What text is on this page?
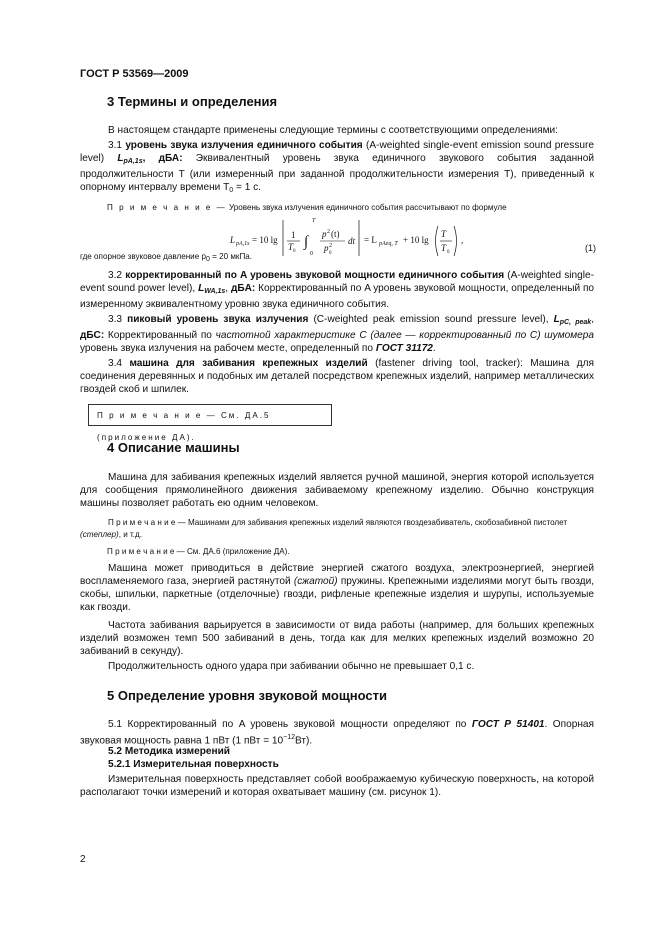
ГОСТ Р 53569—2009
3 Термины и определения

В настоящем стандарте применены следующие термины с соответствующими определениями:

3.1 уровень звука излучения единичного события (A-weighted single-event emission sound pressure level) $L_{pA,1s}$, дБА: Эквивалентный уровень звука единичного звукового события заданной продолжительности T (или измеренный при заданной продолжительности измерения T), приведенный к опорному интервалу времени $T_0 = 1$ с.

П р и м е ч а н и е — Уровень звука излучения единичного события рассчитывают по формуле

L pA,1s = 10 lg 1
T 0
∫
T
0
p 2 (t)
p 2
0
dt = L pAeq, T + 10 lg
T
T 0
,
(1)

где опорное звуковое давление p0 = 20 мкПа.

3.2 корректированный по A уровень звуковой мощности единичного события (A-weighted single-event sound power level), $L_{WA,1s}$, дБA: Корректированный по A уровень звуковой мощности, определенный по измеренному эквивалентному уровню звука единичного события.

3.3 пиковый уровень звука излучения (C-weighted peak emission sound pressure level), $L_{pC, peak}$, дБС: Корректированный по частотной характеристике С (далее — корректированный по С) шумомера уровень звука излучения на рабочем месте, определенный по ГОСТ 31172.

3.4 машина для забивания крепежных изделий (fastener driving tool, tracker): Машина для соединения деревянных и подобных им деталей посредством крепежных изделий, например металлических гвоздей скоб и шпилек.

П р и м е ч а н и е — См. ДА.5 (приложение ДА).
4 Описание машины

Машина для забивания крепежных изделий является ручной машиной, энергия которой используется для сообщения прямолинейного движения забиваемому крепежному изделию. Обычно конструкция машины позволяет работать ею одним человеком.

П р и м е ч а н и е — Машинами для забивания крепежных изделий являются гвоздезабиватель, скобозабивной пистолет (степлер), и т.д.

П р и м е ч а н и е — См. ДА.6 (приложение ДА).

Машина может приводиться в действие энергией сжатого воздуха, электроэнергией, энергией воспламеняемого газа, энергией растянутой (сжатой) пружины. Крепежными изделиями могут быть гвозди, скобы, шпильки, паркетные (отделочные) гвозди, рифленые крепежные изделия и шурупы, используемые как гвозди.

Частота забивания варьируется в зависимости от вида работы (например, для больших крепежных изделий возможен темп 500 забиваний в день, тогда как для мелких крепежных изделий возможно 20 забиваний в секунду).

Продолжительность одного удара при забивании обычно не превышает 0,1 с.

5 Определение уровня звуковой мощности

5.1 Корректированный по A уровень звуковой мощности определяют по ГОСТ Р 51401. Опорная звуковая мощность равна 1 пВт (1 пВт = $10^{-12}Вт$).

5.2 Методика измерений

5.2.1 Измерительная поверхность

Измерительная поверхность представляет собой воображаемую кубическую поверхность, на которой располагают точки измерений и которая охватывает машину (см. рисунок 1).

2
